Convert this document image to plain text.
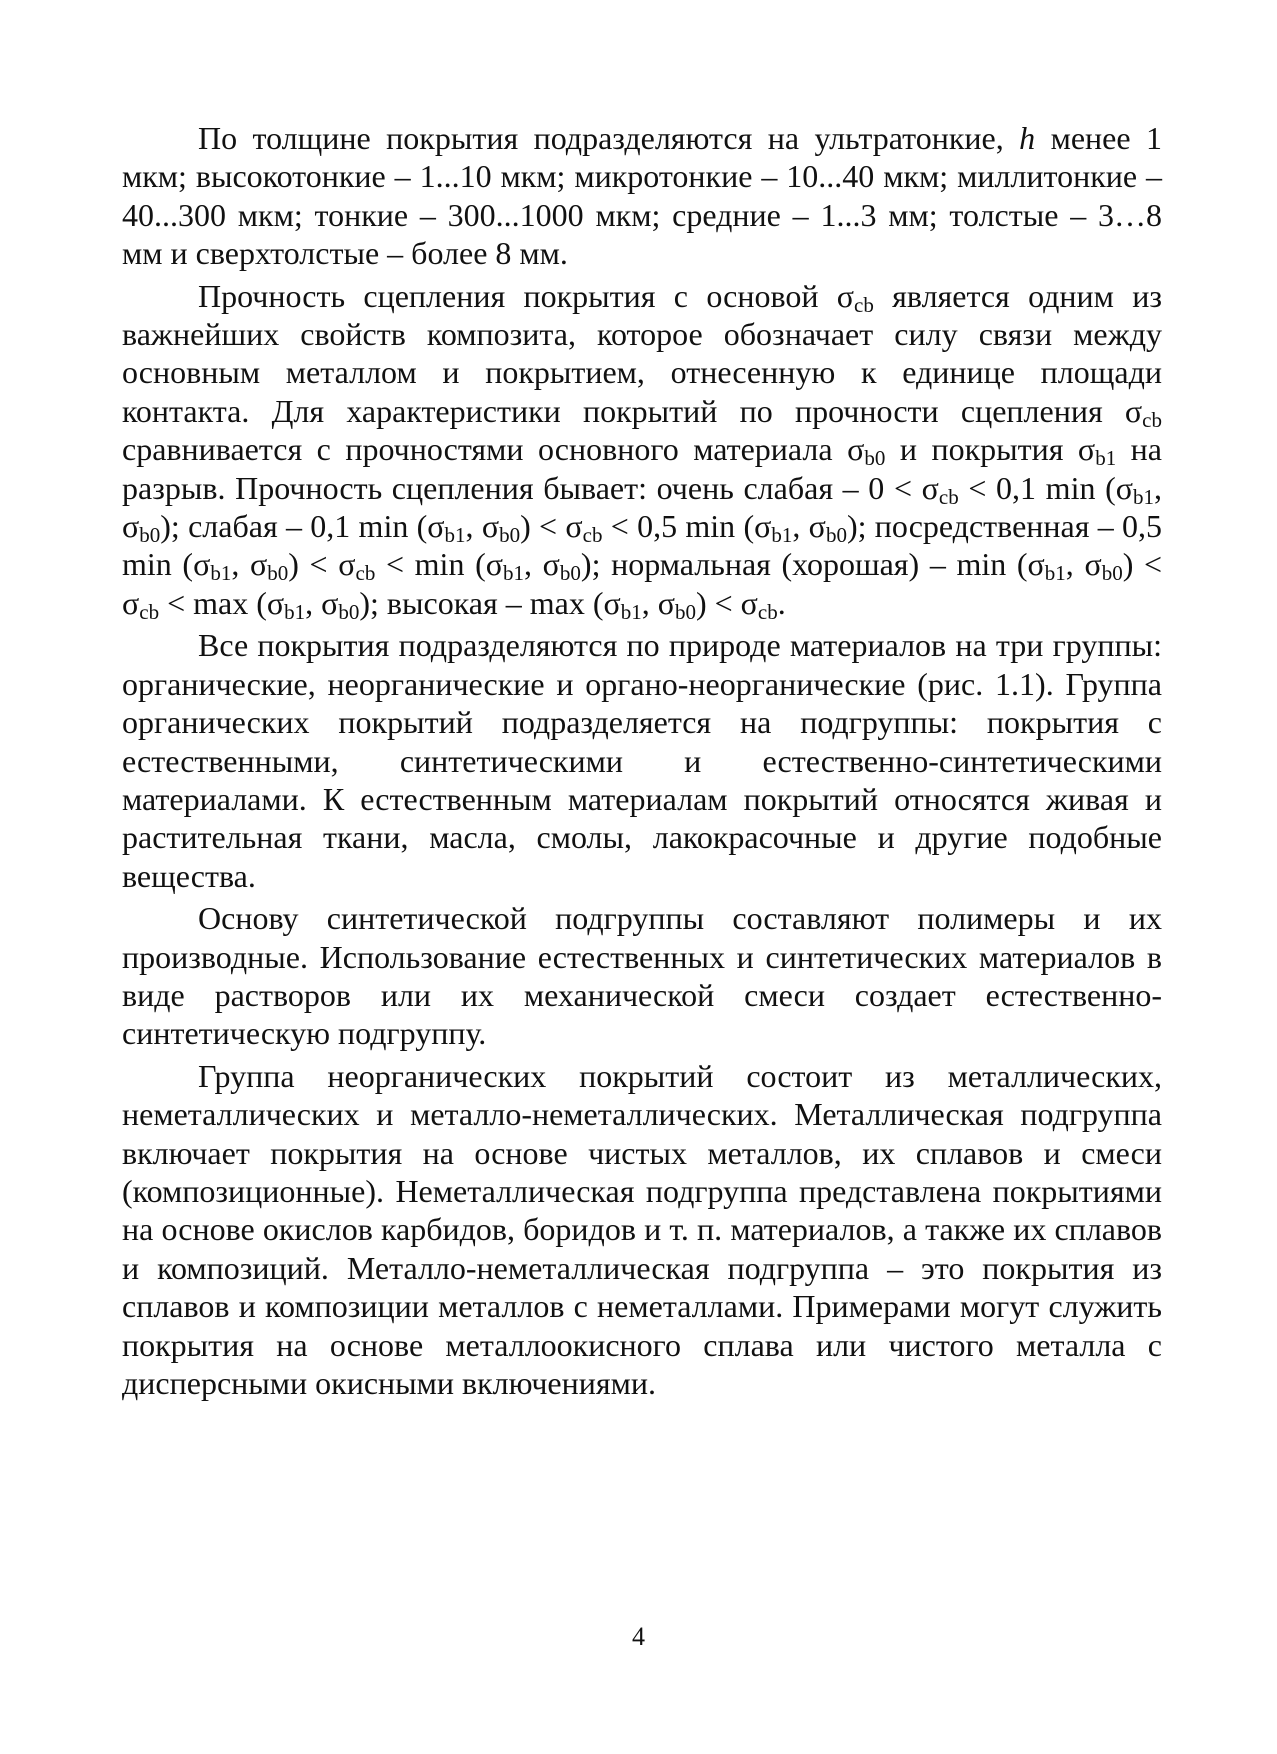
По толщине покрытия подразделяются на ультратонкие, h менее 1 мкм; высокотонкие – 1...10 мкм; микротонкие – 10...40 мкм; миллитонкие – 40...300 мкм; тонкие – 300...1000 мкм; средние – 1...3 мм; толстые – 3…8 мм и сверхтолстые – более 8 мм.

Прочность сцепления покрытия с основой $\sigma_{cb}$ является одним из важнейших свойств композита, которое обозначает силу связи между основным металлом и покрытием, отнесенную к единице площади контакта. Для характеристики покрытий по прочности сцепления $\sigma_{cb}$ сравнивается с прочностями основного материала $\sigma_{b0}$ и покрытия $\sigma_{b1}$ на разрыв. Прочность сцепления бывает: очень слабая – $0 < \sigma_{cb} < 0,1$ $\min (\sigma_{b1}$, $\sigma_{b0}$); слабая – 0,1 $\min (\sigma_{b1}$, $\sigma_{b0}) < \sigma_{cb} < 0,5$ $\min (\sigma_{b1}$, $\sigma_{b0}$); посредственная – 0,5 $\min (\sigma_{b1}$, $\sigma_{b0}) < \sigma_{cb} < \min (\sigma_{b1}$, $\sigma_{b0}$); нормальная (хорошая) – $\min (\sigma_{b1}$, $\sigma_{b0}) < \sigma_{cb} < \max (\sigma_{b1}$, $\sigma_{b0}$); высокая – $\max (\sigma_{b1}$, $\sigma_{b0}) < \sigma_{cb}$.

Все покрытия подразделяются по природе материалов на три группы: органические, неорганические и органо-неорганические (рис. 1.1). Группа органических покрытий подразделяется на подгруппы: покрытия с естественными, синтетическими и естественно-синтетическими материалами. К естественным материалам покрытий относятся живая и растительная ткани, масла, смолы, лакокрасочные и другие подобные вещества.

Основу синтетической подгруппы составляют полимеры и их производные. Использование естественных и синтетических материалов в виде растворов или их механической смеси создает естественно-синтетическую подгруппу.

Группа неорганических покрытий состоит из металлических, неметаллических и металло-неметаллических. Металлическая подгруппа включает покрытия на основе чистых металлов, их сплавов и смеси (композиционные). Неметаллическая подгруппа представлена покрытиями на основе окислов карбидов, боридов и т. п. материалов, а также их сплавов и композиций. Металло-неметаллическая подгруппа – это покрытия из сплавов и композиции металлов с неметаллами. Примерами могут служить покрытия на основе металлоокисного сплава или чистого металла с дисперсными окисными включениями.

4
